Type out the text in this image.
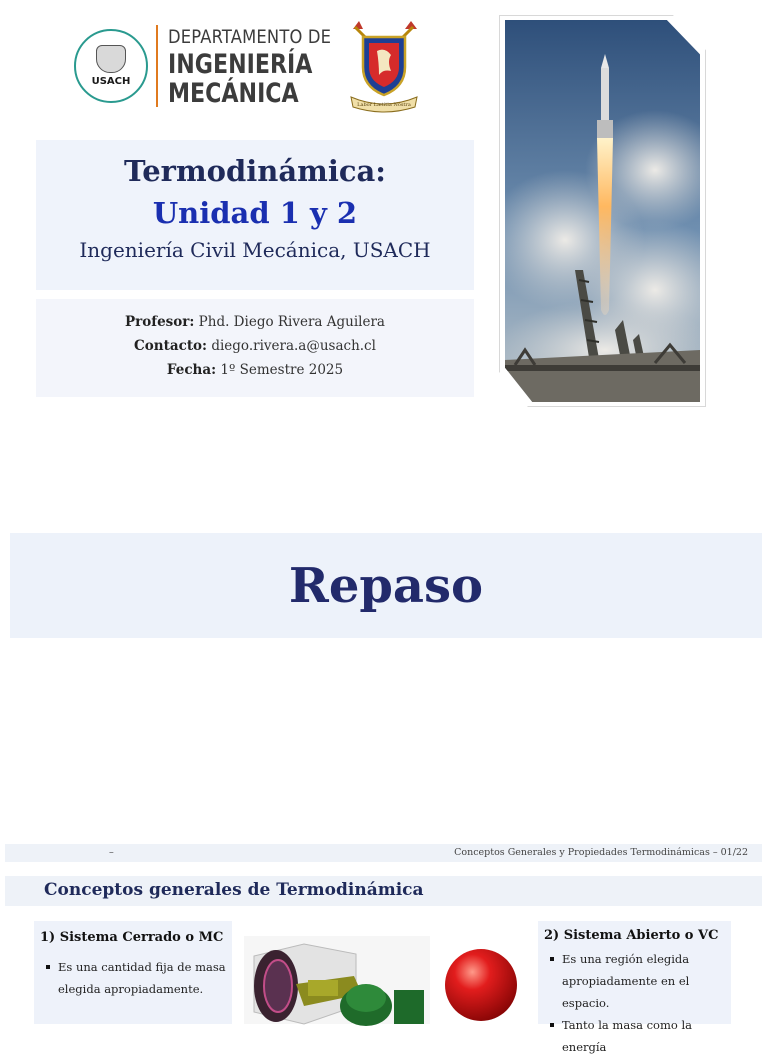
USACH
DEPARTAMENTO DE
INGENIERÍA
MECÁNICA	Labor Lætitia Nostra
Termodinámica:
Unidad 1 y 2
Ingeniería Civil Mecánica, USACH
Profesor: Phd. Diego Rivera Aguilera
Contacto: diego.rivera.a@usach.cl
Fecha: 1º Semestre 2025
Repaso
–	Conceptos Generales y Propiedades Termodinámicas – 01/22
Conceptos generales de Termodinámica
1) Sistema Cerrado o MC
Es una cantidad fija de masa elegida apropiadamente.
2) Sistema Abierto o VC
Es una región elegida apropiadamente en el espacio.
Tanto la masa como la energía
